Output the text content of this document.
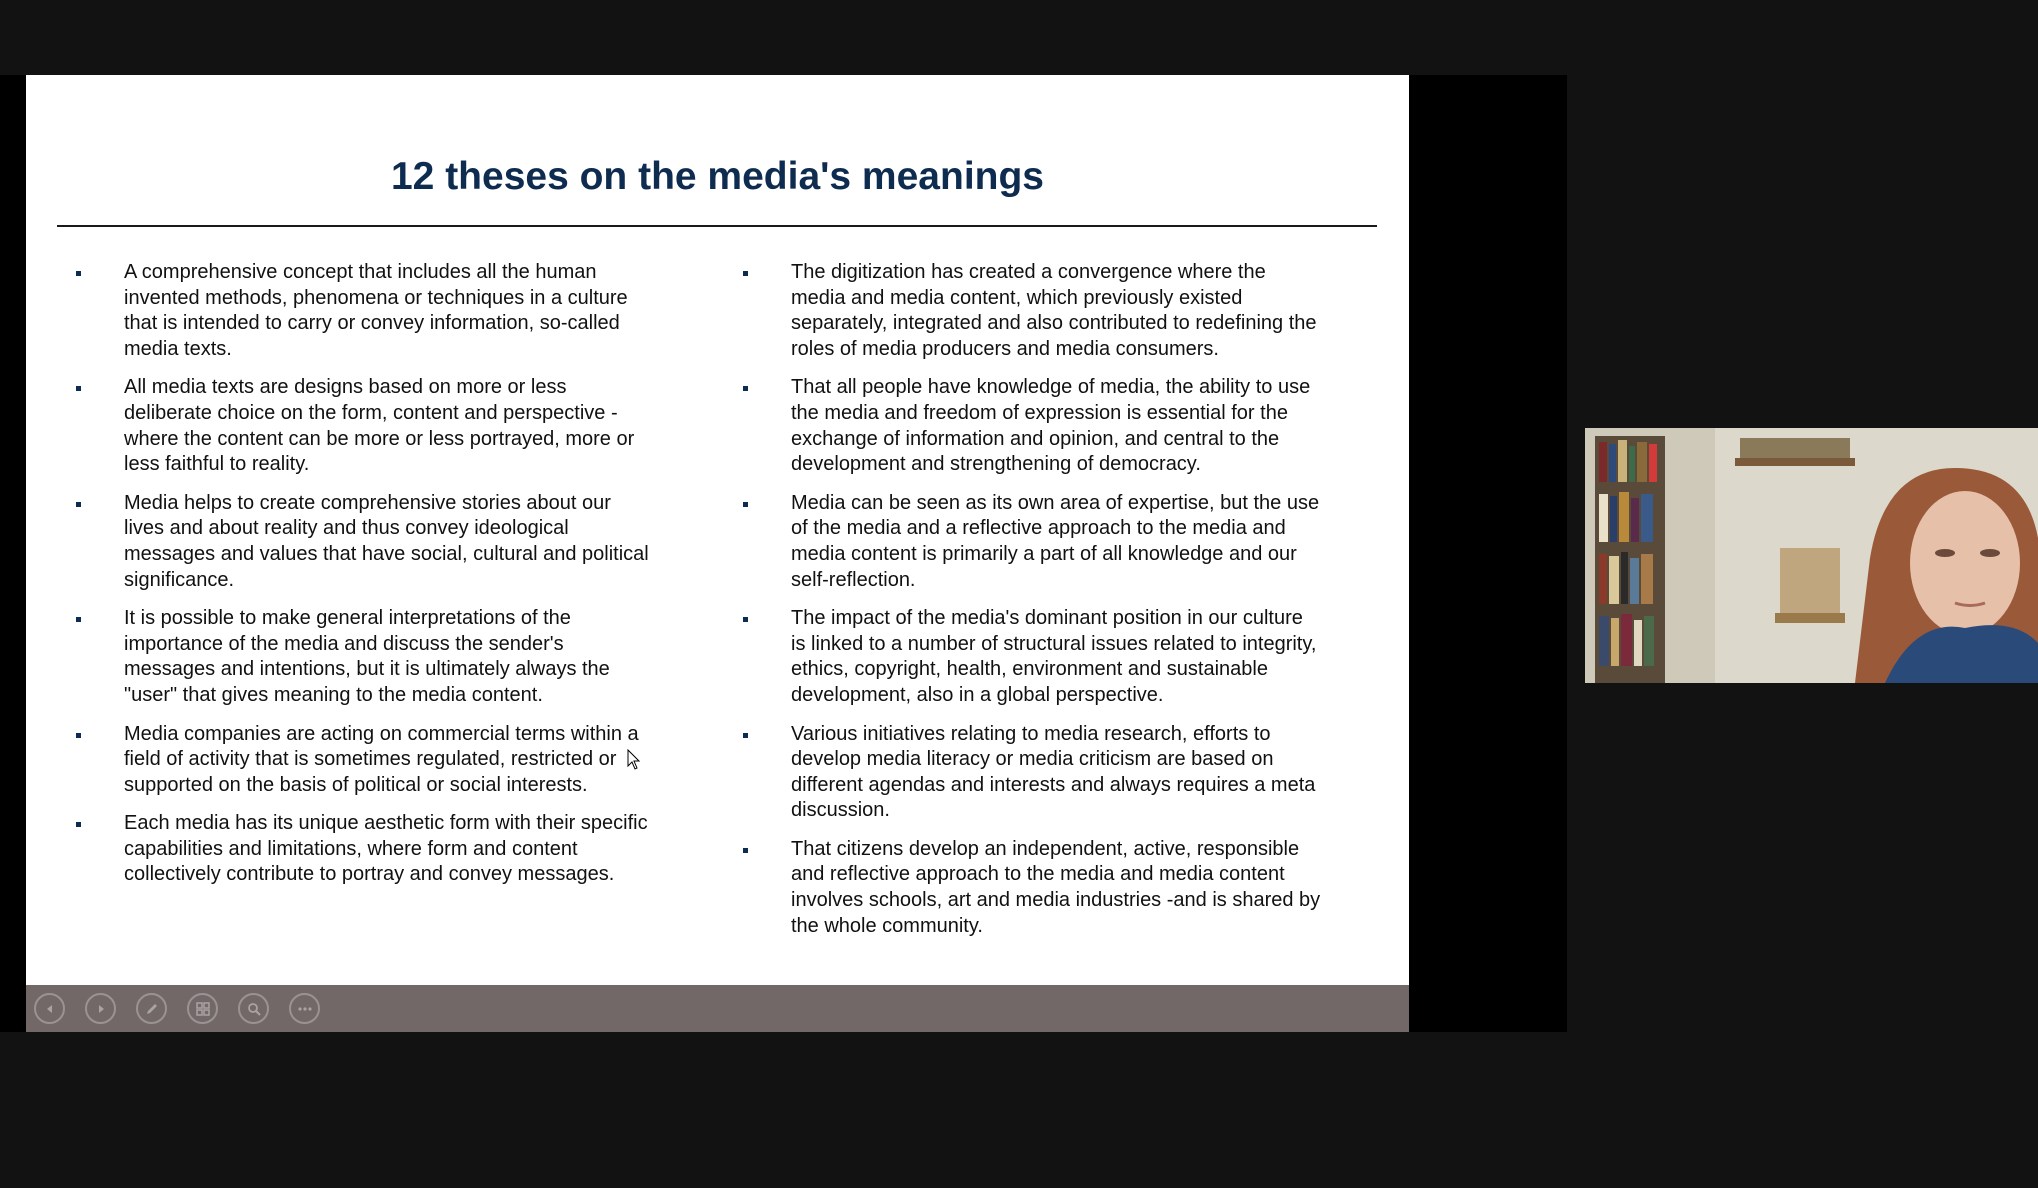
12 theses on the media's meanings
A comprehensive concept that includes all the human invented methods, phenomena or techniques in a culture that is intended to carry or convey information, so-called media texts.
All media texts are designs based on more or less deliberate choice on the form, content and perspective - where the content can be more or less portrayed, more or less faithful to reality.
Media helps to create comprehensive stories about our lives and about reality and thus convey ideological messages and values that have social, cultural and political significance.
It is possible to make general interpretations of the importance of the media and discuss the sender's messages and intentions, but it is ultimately always the "user" that gives meaning to the media content.
Media companies are acting on commercial terms within a field of activity that is sometimes regulated, restricted or supported on the basis of political or social interests.
Each media has its unique aesthetic form with their specific capabilities and limitations, where form and content collectively contribute to portray and convey messages.
The digitization has created a convergence where the media and media content, which previously existed separately, integrated and also contributed to redefining the roles of media producers and media consumers.
That all people have knowledge of media, the ability to use the media and freedom of expression is essential for the exchange of information and opinion, and central to the development and strengthening of democracy.
Media can be seen as its own area of expertise, but the use of the media and a reflective approach to the media and media content is primarily a part of all knowledge and our self-reflection.
The impact of the media's dominant position in our culture is linked to a number of structural issues related to integrity, ethics, copyright, health, environment and sustainable development, also in a global perspective.
Various initiatives relating to media research, efforts to develop media literacy or media criticism are based on different agendas and interests and always requires a meta discussion.
That citizens develop an independent, active, responsible and reflective approach to the media and media content involves schools, art and media industries -and is shared by the whole community.
